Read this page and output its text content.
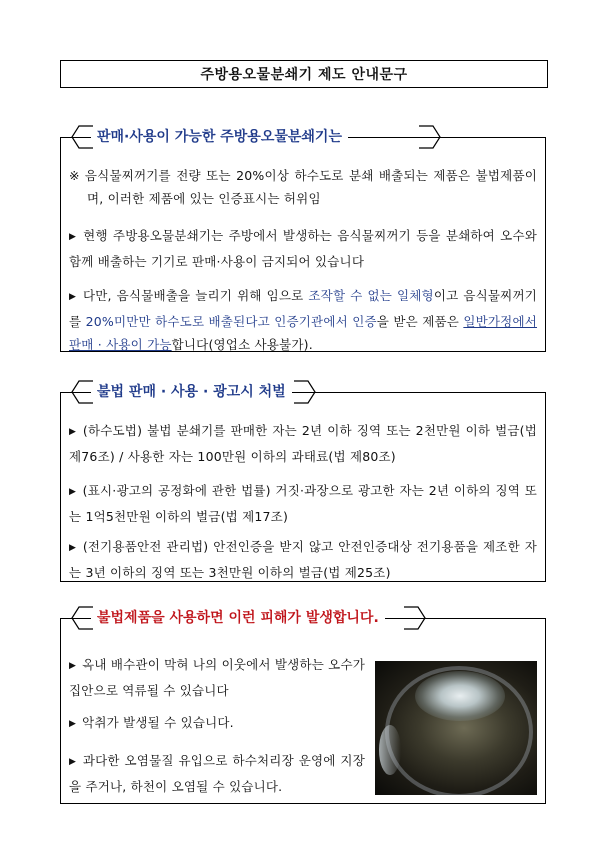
주방용오물분쇄기 제도 안내문구
판매·사용이 가능한 주방용오물분쇄기는
※ 음식물찌꺼기를 전량 또는 20%이상 하수도로 분쇄 배출되는 제품은 불법제품이며, 이러한 제품에 있는 인증표시는 허위임
▶ 현행 주방용오물분쇄기는 주방에서 발생하는 음식물찌꺼기 등을 분쇄하여 오수와 함께 배출하는 기기로 판매·사용이 금지되어 있습니다
▶ 다만, 음식물배출을 늘리기 위해 임으로 조작할 수 없는 일체형이고 음식물찌꺼기를 20%미만만 하수도로 배출된다고 인증기관에서 인증을 받은 제품은 일반가정에서 판매 · 사용이 가능합니다(영업소 사용불가).
불법 판매 · 사용 · 광고시 처벌
▶ (하수도법) 불법 분쇄기를 판매한 자는 2년 이하 징역 또는 2천만원 이하 벌금(법 제76조) / 사용한 자는 100만원 이하의 과태료(법 제80조)
▶ (표시·광고의 공정화에 관한 법률) 거짓·과장으로 광고한 자는 2년 이하의 징역 또는 1억5천만원 이하의 벌금(법 제17조)
▶ (전기용품안전 관리법) 안전인증을 받지 않고 안전인증대상 전기용품을 제조한 자는 3년 이하의 징역 또는 3천만원 이하의 벌금(법 제25조)
불법제품을 사용하면 이런 피해가 발생합니다.
▶ 옥내 배수관이 막혀 나의 이웃에서 발생하는 오수가 집안으로 역류될 수 있습니다
▶ 악취가 발생될 수 있습니다.
▶ 과다한 오염물질 유입으로 하수처리장 운영에 지장을 주거나, 하천이 오염될 수 있습니다.
